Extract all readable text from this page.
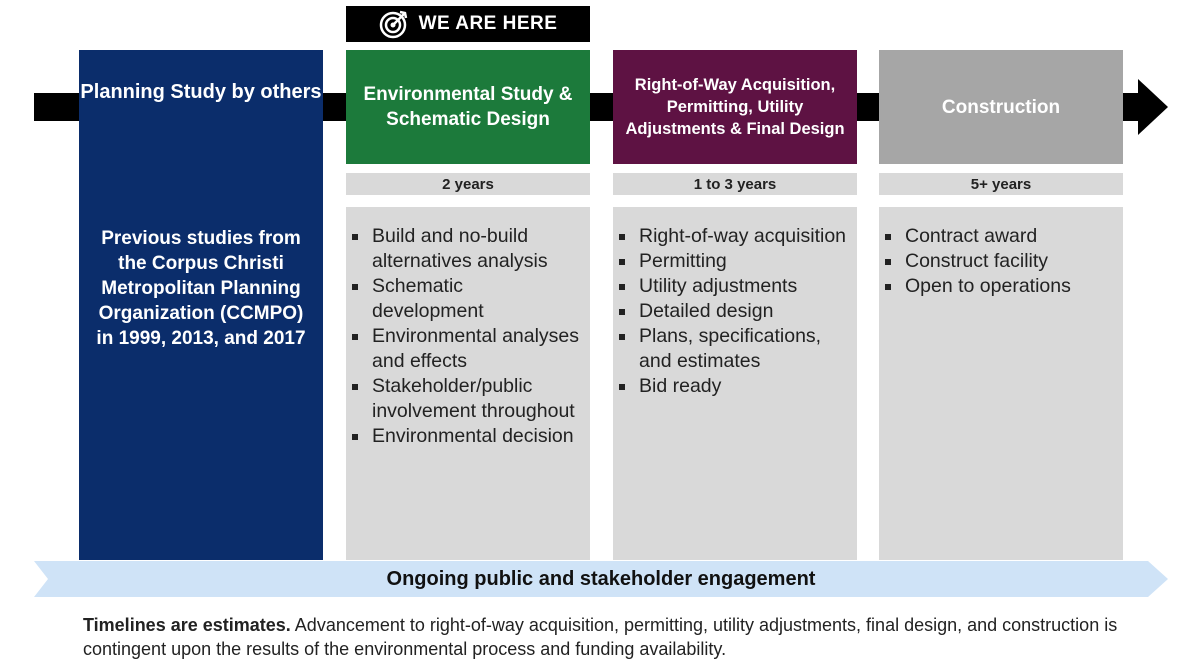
WE ARE HERE
Planning Study by others
Previous studies from the Corpus Christi Metropolitan Planning Organization (CCMPO) in 1999, 2013, and 2017
Environmental Study & Schematic Design
2 years
Build and no-build alternatives analysis
Schematic development
Environmental analyses and effects
Stakeholder/public involvement throughout
Environmental decision
Right-of-Way Acquisition, Permitting, Utility Adjustments & Final Design
1 to 3 years
Right-of-way acquisition
Permitting
Utility adjustments
Detailed design
Plans, specifications, and estimates
Bid ready
Construction
5+ years
Contract award
Construct facility
Open to operations
Ongoing public and stakeholder engagement
Timelines are estimates. Advancement to right-of-way acquisition, permitting, utility adjustments, final design, and construction is contingent upon the results of the environmental process and funding availability.
